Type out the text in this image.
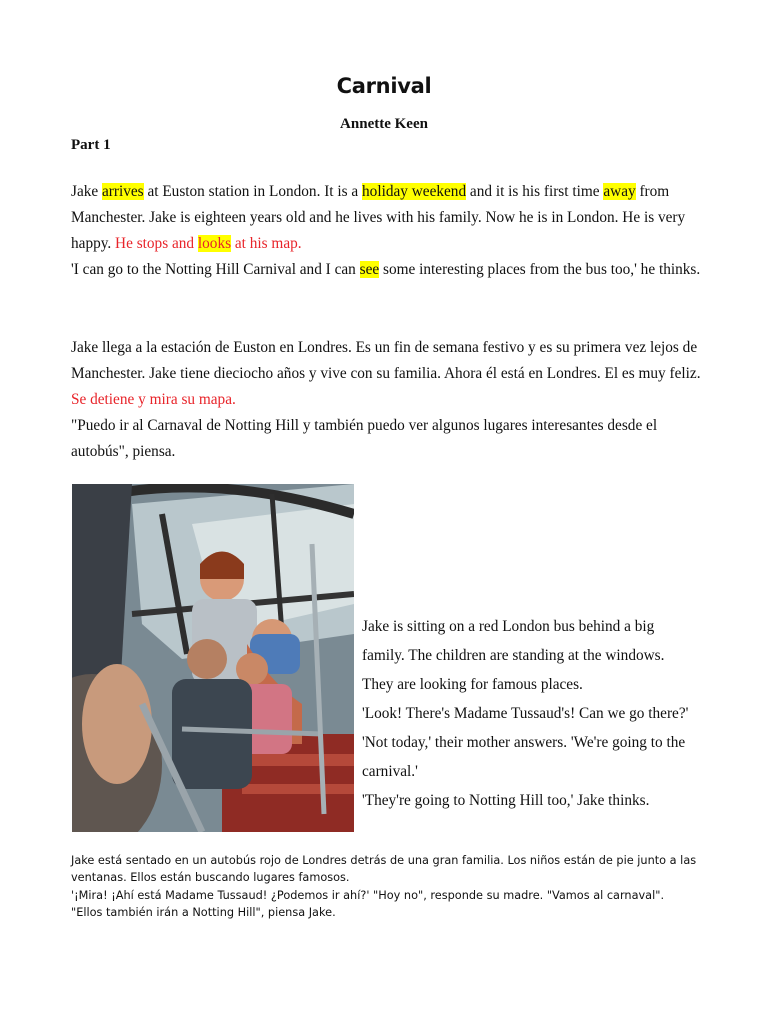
Carnival
Annette Keen
Part 1

Jake arrives at Euston station in London. It is a holiday weekend and it is his first time away from Manchester. Jake is eighteen years old and he lives with his family. Now he is in London. He is very happy. He stops and looks at his map.
'I can go to the Notting Hill Carnival and I can see some interesting places from the bus too,' he thinks.

Jake llega a la estación de Euston en Londres. Es un fin de semana festivo y es su primera vez lejos de Manchester. Jake tiene dieciocho años y vive con su familia. Ahora él está en Londres. El es muy feliz. Se detiene y mira su mapa.
"Puedo ir al Carnaval de Notting Hill y también puedo ver algunos lugares interesantes desde el autobús", piensa.

Jake is sitting on a red London bus behind a big
family. The children are standing at the windows.
They are looking for famous places.
'Look! There's Madame Tussaud's! Can we go there?'
'Not today,' their mother answers. 'We're going to the
carnival.'
'They're going to Notting Hill too,' Jake thinks.

Jake está sentado en un autobús rojo de Londres detrás de una gran familia. Los niños están de pie junto a las ventanas. Ellos están buscando lugares famosos.
'¡Mira! ¡Ahí está Madame Tussaud! ¿Podemos ir ahí?' "Hoy no", responde su madre. "Vamos al carnaval".
"Ellos también irán a Notting Hill", piensa Jake.
